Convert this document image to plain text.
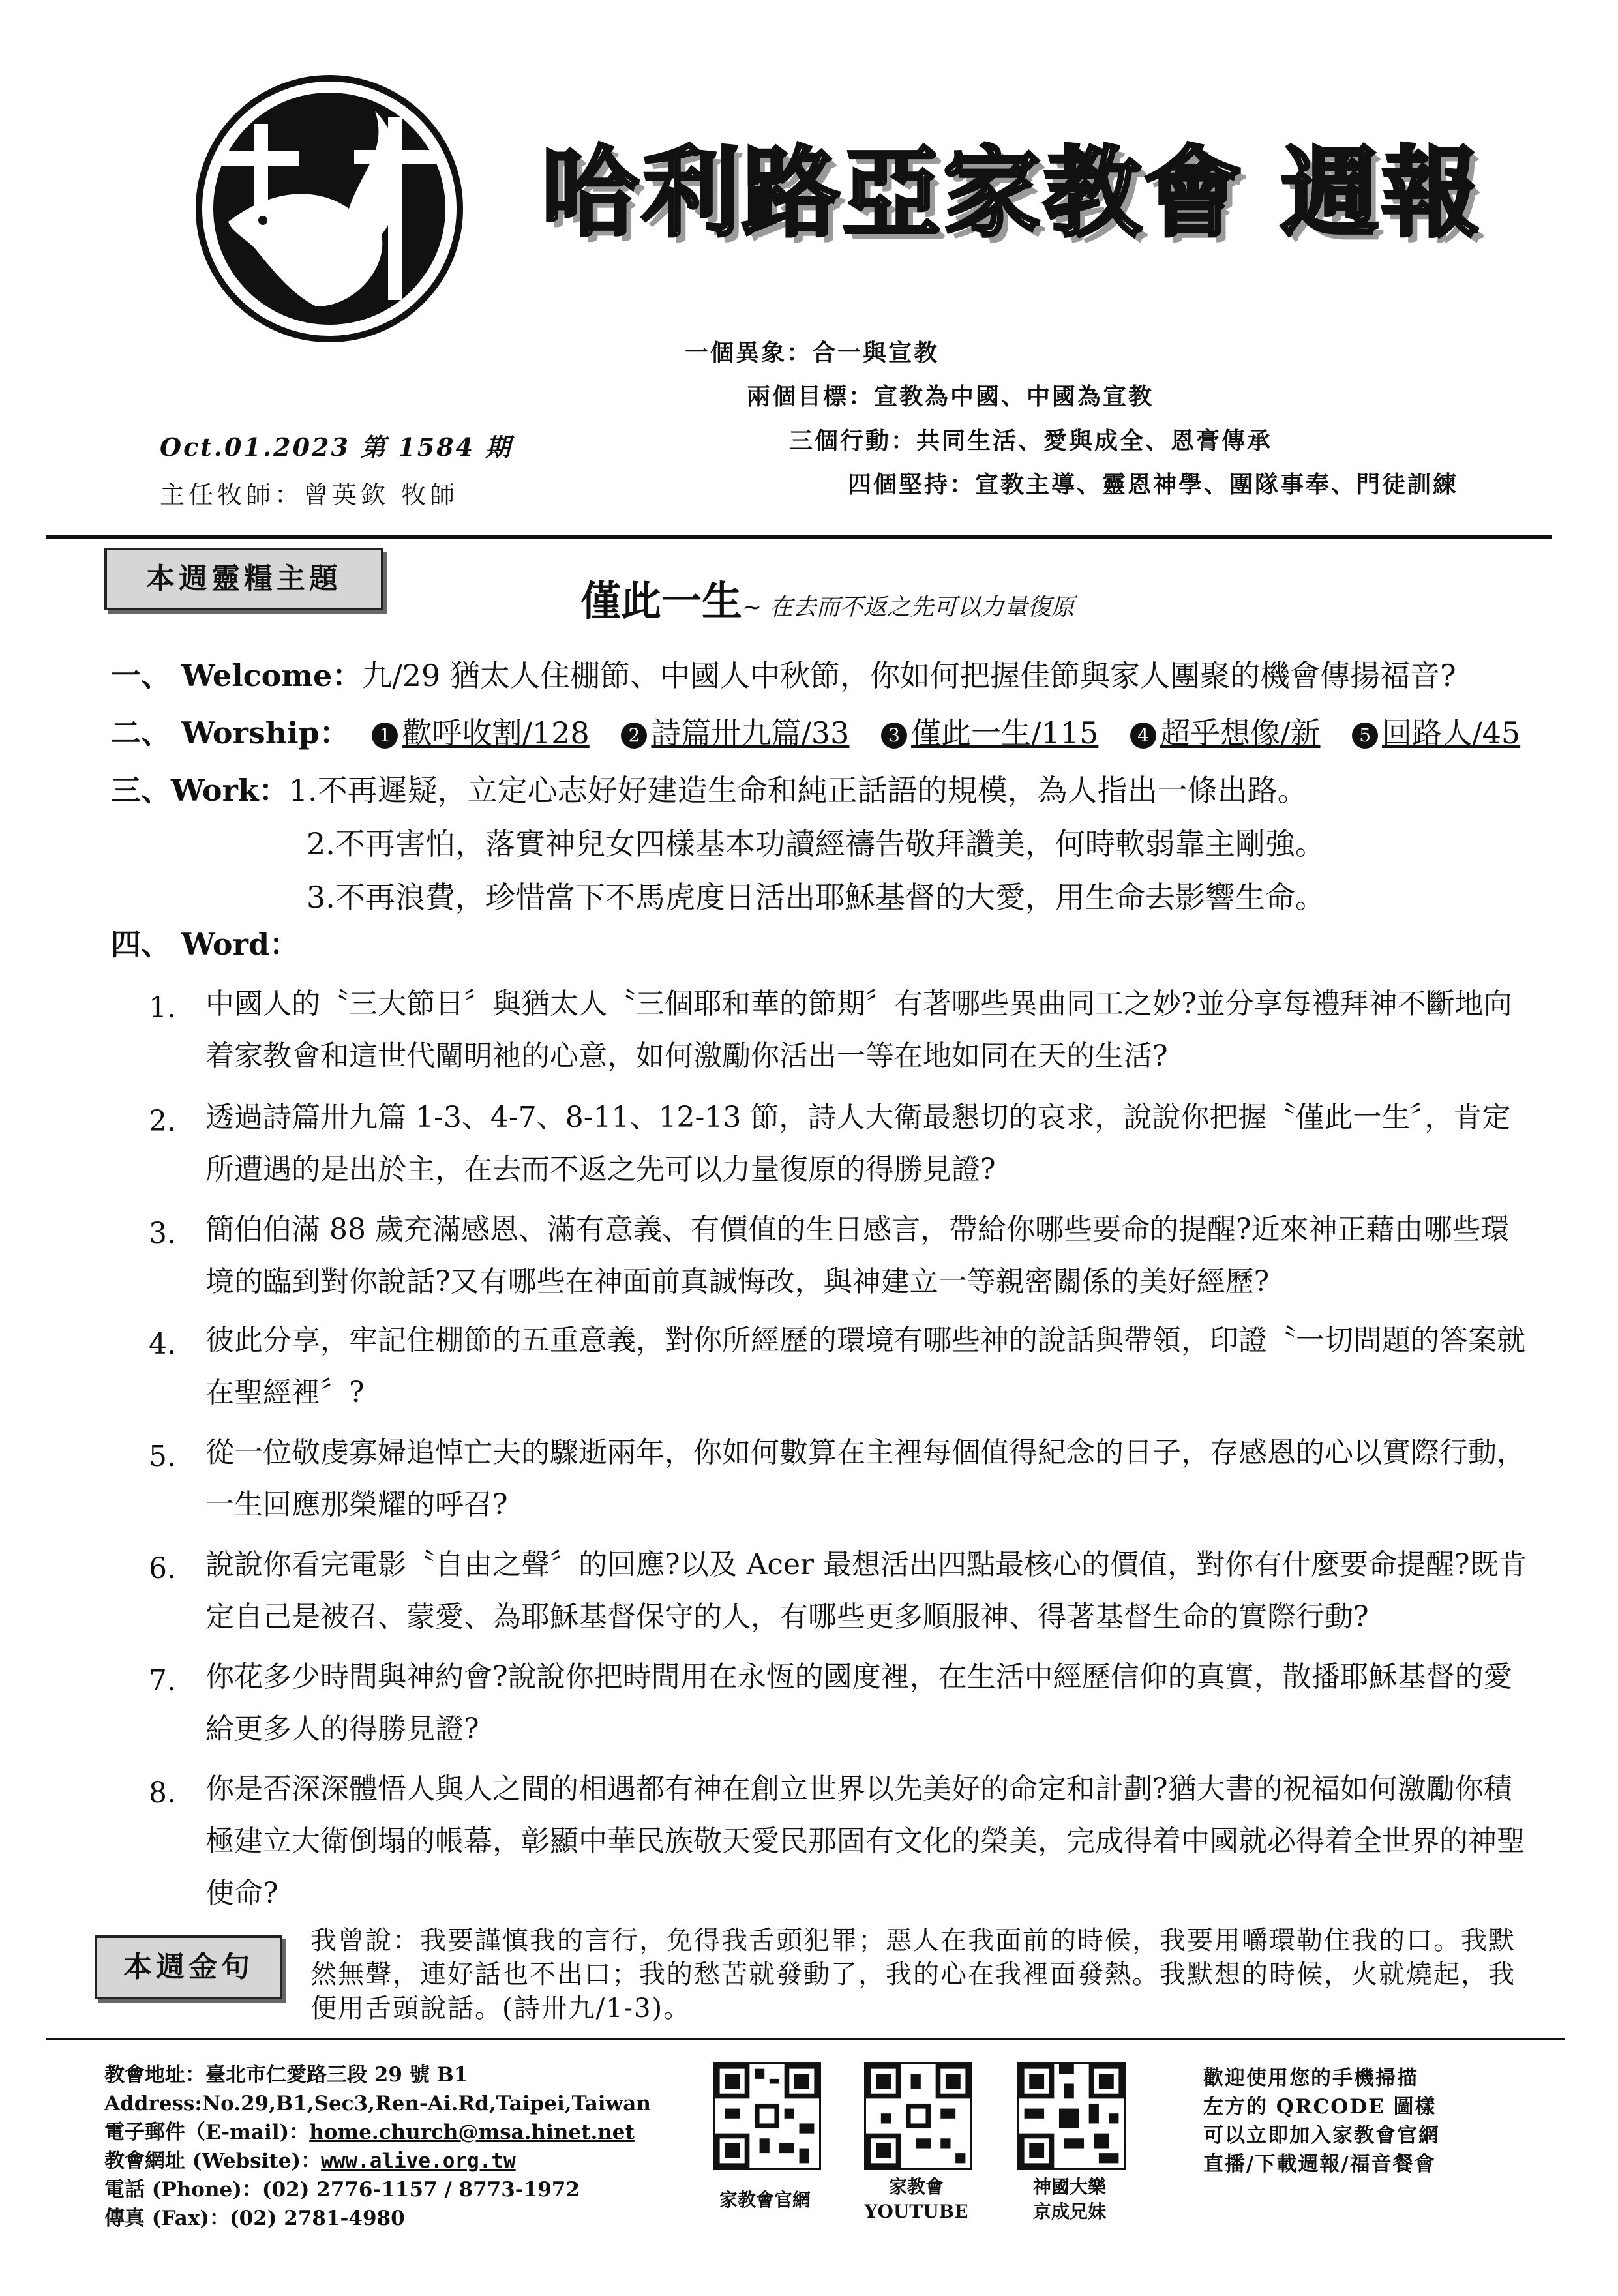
哈利路亞家教會 週報
一個異象：合一與宣教
兩個目標：宣教為中國、中國為宣教
三個行動：共同生活、愛與成全、恩膏傳承
四個堅持：宣教主導、靈恩神學、團隊事奉、門徒訓練
Oct.01.2023 第 1584 期
主任牧師：曾英欽 牧師
本週靈糧主題	僅此一生~ 在去而不返之先可以力量復原
一、 Welcome：九/29 猶太人住棚節、中國人中秋節，你如何把握佳節與家人團聚的機會傳揚福音?
二、 Worship： 1 歡呼收割/128 2 詩篇卅九篇/33 3 僅此一生/115 4 超乎想像/新 5 回路人/45
三、Work：1.不再遲疑，立定心志好好建造生命和純正話語的規模，為人指出一條出路。
2.不再害怕，落實神兒女四樣基本功讀經禱告敬拜讚美，何時軟弱靠主剛強。
3.不再浪費，珍惜當下不馬虎度日活出耶穌基督的大愛，用生命去影響生命。
四、 Word：
1. 中國人的〝三大節日〞與猶太人〝三個耶和華的節期〞有著哪些異曲同工之妙?並分享每禮拜神不斷地向着家教會和這世代闡明祂的心意，如何激勵你活出一等在地如同在天的生活?
2. 透過詩篇卅九篇 1-3、4-7、8-11、12-13 節，詩人大衛最懇切的哀求，說說你把握〝僅此一生〞，肯定所遭遇的是出於主，在去而不返之先可以力量復原的得勝見證?
3. 簡伯伯滿 88 歲充滿感恩、滿有意義、有價值的生日感言，帶給你哪些要命的提醒?近來神正藉由哪些環境的臨到對你說話?又有哪些在神面前真誠悔改，與神建立一等親密關係的美好經歷?
4. 彼此分享，牢記住棚節的五重意義，對你所經歷的環境有哪些神的說話與帶領，印證〝一切問題的答案就在聖經裡〞?
5. 從一位敬虔寡婦追悼亡夫的驟逝兩年，你如何數算在主裡每個值得紀念的日子，存感恩的心以實際行動，一生回應那榮耀的呼召?
6. 說說你看完電影〝自由之聲〞的回應?以及 Acer 最想活出四點最核心的價值，對你有什麼要命提醒?既肯定自己是被召、蒙愛、為耶穌基督保守的人，有哪些更多順服神、得著基督生命的實際行動?
7. 你花多少時間與神約會?說說你把時間用在永恆的國度裡，在生活中經歷信仰的真實，散播耶穌基督的愛給更多人的得勝見證?
8. 你是否深深體悟人與人之間的相遇都有神在創立世界以先美好的命定和計劃?猶大書的祝福如何激勵你積極建立大衛倒塌的帳幕，彰顯中華民族敬天愛民那固有文化的榮美，完成得着中國就必得着全世界的神聖使命?
本週金句
我曾說：我要謹慎我的言行，免得我舌頭犯罪；惡人在我面前的時候，我要用嚼環勒住我的口。我默然無聲，連好話也不出口；我的愁苦就發動了，我的心在我裡面發熱。我默想的時候，火就燒起，我便用舌頭說話。(詩卅九/1-3)。
教會地址：臺北市仁愛路三段 29 號 B1
Address:No.29,B1,Sec3,Ren-Ai.Rd,Taipei,Taiwan
電子郵件（E-mail)：home.church@msa.hinet.net
教會網址 (Website)：www.alive.org.tw
電話 (Phone)：(02) 2776-1157 / 8773-1972
傳真 (Fax)：(02) 2781-4980
家教會官網
家教會
YOUTUBE
神國大樂
京成兄妹
歡迎使用您的手機掃描
左方的 QRCODE 圖樣
可以立即加入家教會官網
直播/下載週報/福音餐會
